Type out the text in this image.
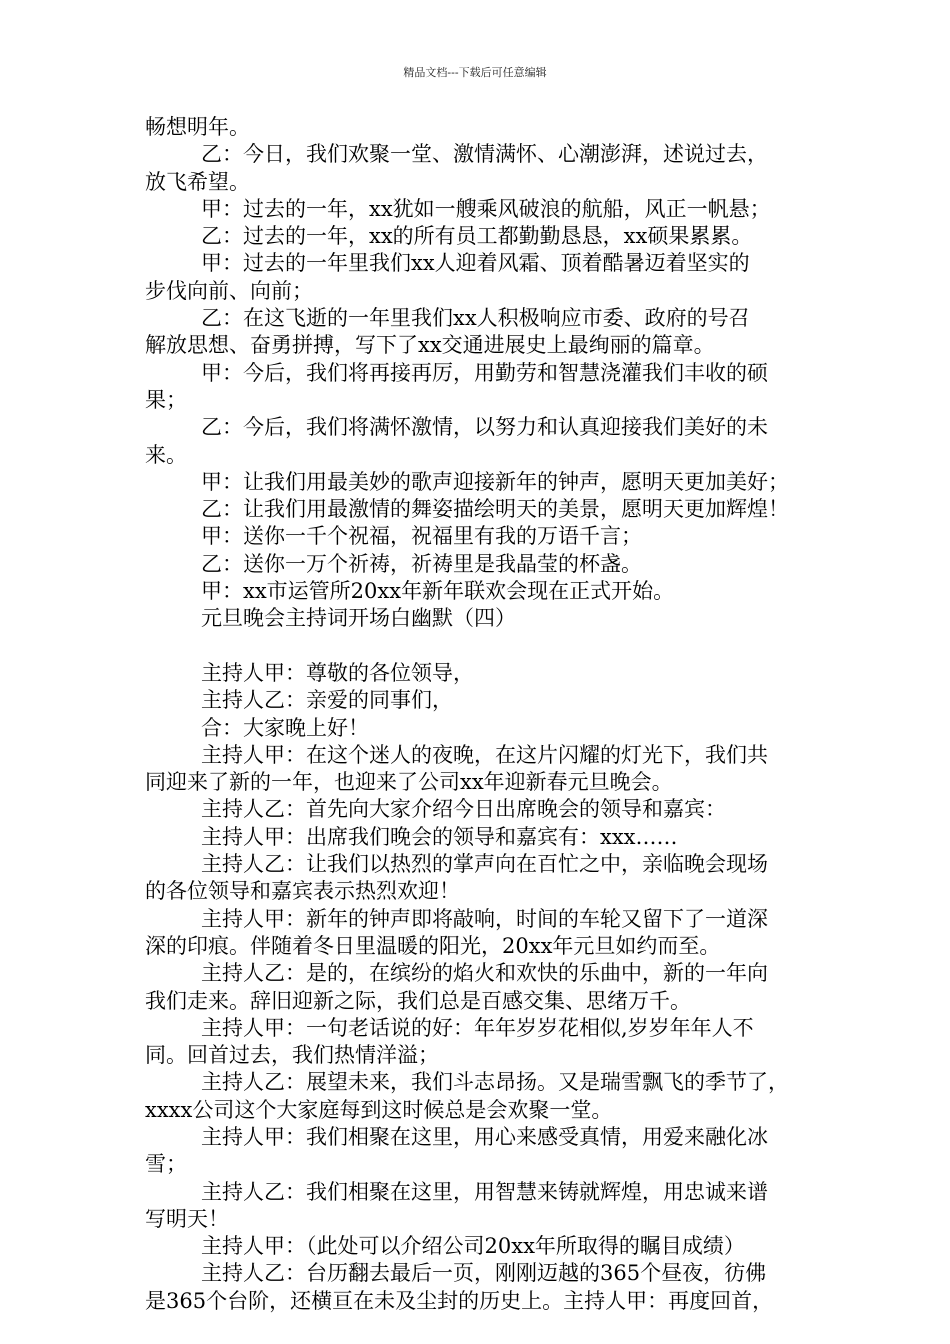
精品文档---下载后可任意编辑
畅想明年。
乙：今日，我们欢聚一堂、激情满怀、心潮澎湃，述说过去，
放飞希望。
甲：过去的一年，xx犹如一艘乘风破浪的航船，风正一帆悬；
乙：过去的一年，xx的所有员工都勤勤恳恳，xx硕果累累。
甲：过去的一年里我们xx人迎着风霜、顶着酷暑迈着坚实的
步伐向前、向前；
乙：在这飞逝的一年里我们xx人积极响应市委、政府的号召
解放思想、奋勇拼搏，写下了xx交通进展史上最绚丽的篇章。
甲：今后，我们将再接再厉，用勤劳和智慧浇灌我们丰收的硕
果；
乙：今后，我们将满怀激情，以努力和认真迎接我们美好的未
来。
甲：让我们用最美妙的歌声迎接新年的钟声，愿明天更加美好；
乙：让我们用最激情的舞姿描绘明天的美景，愿明天更加辉煌！
甲：送你一千个祝福，祝福里有我的万语千言；
乙：送你一万个祈祷，祈祷里是我晶莹的杯盏。
甲：xx市运管所20xx年新年联欢会现在正式开始。
元旦晚会主持词开场白幽默（四）
主持人甲：尊敬的各位领导，
主持人乙：亲爱的同事们，
合：大家晚上好！
主持人甲：在这个迷人的夜晚，在这片闪耀的灯光下，我们共
同迎来了新的一年，也迎来了公司xx年迎新春元旦晚会。
主持人乙：首先向大家介绍今日出席晚会的领导和嘉宾：
主持人甲：出席我们晚会的领导和嘉宾有：xxx……
主持人乙：让我们以热烈的掌声向在百忙之中，亲临晚会现场
的各位领导和嘉宾表示热烈欢迎！
主持人甲：新年的钟声即将敲响，时间的车轮又留下了一道深
深的印痕。伴随着冬日里温暖的阳光，20xx年元旦如约而至。
主持人乙：是的，在缤纷的焰火和欢快的乐曲中，新的一年向
我们走来。辞旧迎新之际，我们总是百感交集、思绪万千。
主持人甲：一句老话说的好：年年岁岁花相似,岁岁年年人不
同。回首过去，我们热情洋溢；
主持人乙：展望未来，我们斗志昂扬。又是瑞雪飘飞的季节了，
xxxx公司这个大家庭每到这时候总是会欢聚一堂。
主持人甲：我们相聚在这里，用心来感受真情，用爱来融化冰
雪；
主持人乙：我们相聚在这里，用智慧来铸就辉煌，用忠诚来谱
写明天！
主持人甲：（此处可以介绍公司20xx年所取得的瞩目成绩）
主持人乙：台历翻去最后一页，刚刚迈越的365个昼夜，彷佛
是365个台阶，还横亘在未及尘封的历史上。主持人甲：再度回首，
